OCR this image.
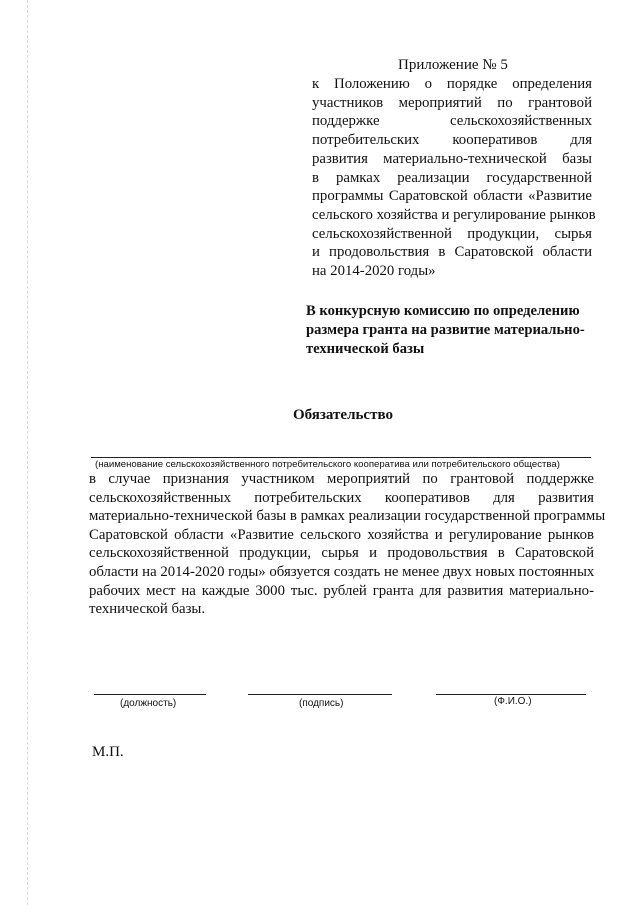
Приложение № 5
к Положению о порядке определения
участников мероприятий по грантовой
поддержке сельскохозяйственных
потребительских кооперативов для
развития материально-технической базы
в рамках реализации государственной
программы Саратовской области «Развитие
сельского хозяйства и регулирование рынков
сельскохозяйственной продукции, сырья
и продовольствия в Саратовской области
на 2014-2020 годы»
В конкурсную комиссию по определению
размера гранта на развитие материально-
технической базы
Обязательство
(наименование сельскохозяйственного потребительского кооператива или потребительского общества)
в случае признания участником мероприятий по грантовой поддержке
сельскохозяйственных потребительских кооперативов для развития
материально-технической базы в рамках реализации государственной программы
Саратовской области «Развитие сельского хозяйства и регулирование рынков
сельскохозяйственной продукции, сырья и продовольствия в Саратовской
области на 2014-2020 годы» обязуется создать не менее двух новых постоянных
рабочих мест на каждые 3000 тыс. рублей гранта для развития материально-
технической базы.
(должность)	(подпись)	(Ф.И.О.)
М.П.
